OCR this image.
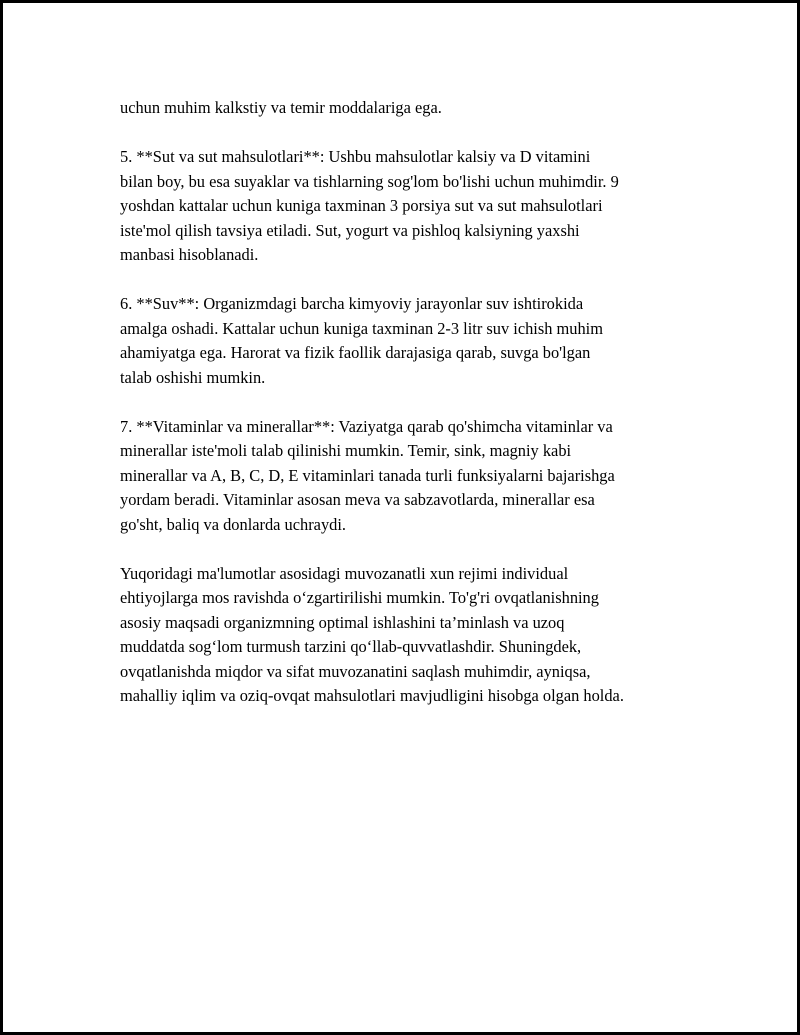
uchun muhim kalkstiy va temir moddalariga ega.

5. **Sut va sut mahsulotlari**: Ushbu mahsulotlar kalsiy va D vitamini
bilan boy, bu esa suyaklar va tishlarning sog'lom bo'lishi uchun muhimdir. 9
yoshdan kattalar uchun kuniga taxminan 3 porsiya sut va sut mahsulotlari
iste'mol qilish tavsiya etiladi. Sut, yogurt va pishloq kalsiyning yaxshi
manbasi hisoblanadi.

6. **Suv**: Organizmdagi barcha kimyoviy jarayonlar suv ishtirokida
amalga oshadi. Kattalar uchun kuniga taxminan 2-3 litr suv ichish muhim
ahamiyatga ega. Harorat va fizik faollik darajasiga qarab, suvga bo'lgan
talab oshishi mumkin.

7. **Vitaminlar va minerallar**: Vaziyatga qarab qo'shimcha vitaminlar va
minerallar iste'moli talab qilinishi mumkin. Temir, sink, magniy kabi
minerallar va A, B, C, D, E vitaminlari tanada turli funksiyalarni bajarishga
yordam beradi. Vitaminlar asosan meva va sabzavotlarda, minerallar esa
go'sht, baliq va donlarda uchraydi.

Yuqoridagi ma'lumotlar asosidagi muvozanatli xun rejimi individual
ehtiyojlarga mos ravishda oʻzgartirilishi mumkin. To'g'ri ovqatlanishning
asosiy maqsadi organizmning optimal ishlashini ta’minlash va uzoq
muddatda sogʻlom turmush tarzini qoʻllab-quvvatlashdir. Shuningdek,
ovqatlanishda miqdor va sifat muvozanatini saqlash muhimdir, ayniqsa,
mahalliy iqlim va oziq-ovqat mahsulotlari mavjudligini hisobga olgan holda.
